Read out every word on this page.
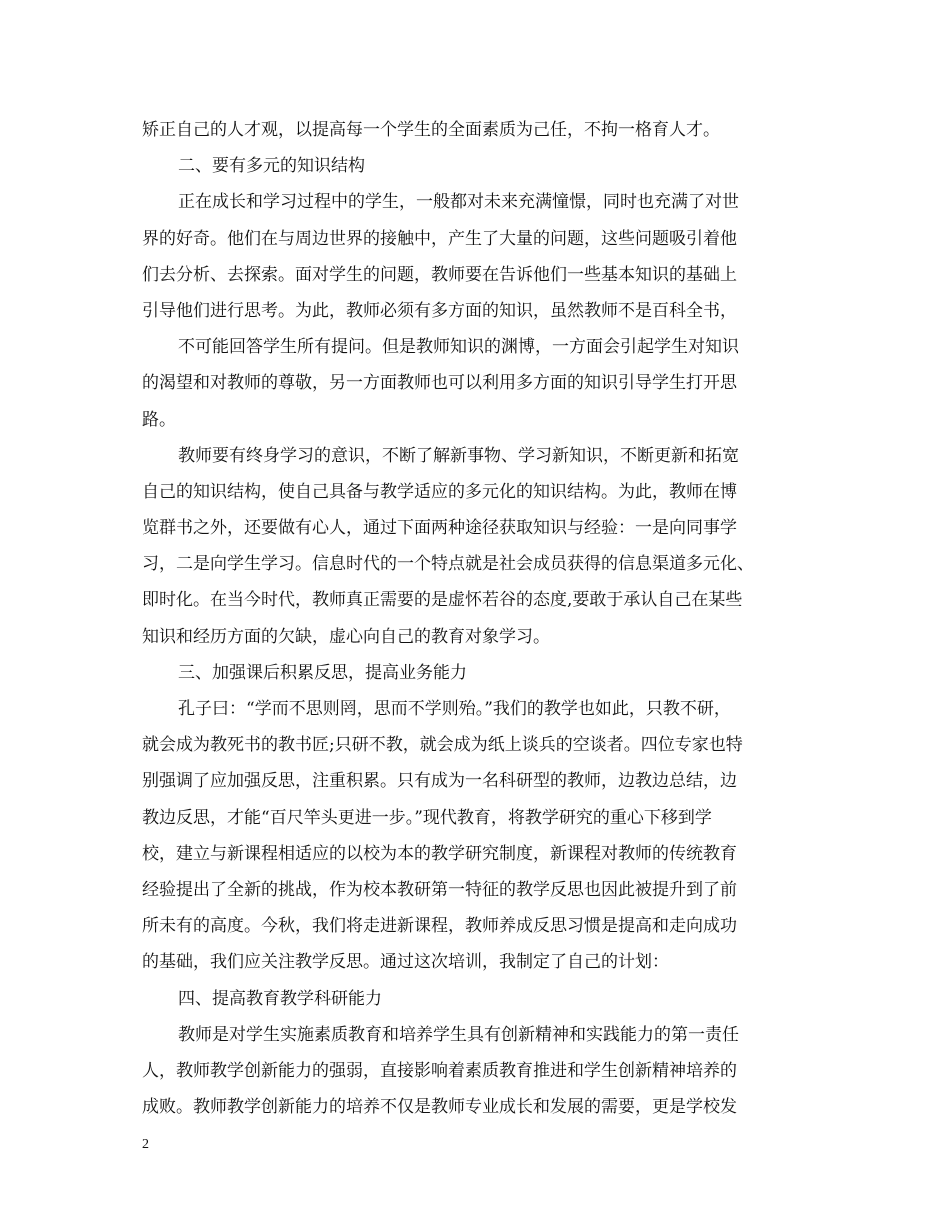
矫正自己的人才观，以提高每一个学生的全面素质为己任，不拘一格育人才。
二、要有多元的知识结构
正在成长和学习过程中的学生，一般都对未来充满憧憬，同时也充满了对世
界的好奇。他们在与周边世界的接触中，产生了大量的问题，这些问题吸引着他
们去分析、去探索。面对学生的问题，教师要在告诉他们一些基本知识的基础上
引导他们进行思考。为此，教师必须有多方面的知识，虽然教师不是百科全书，
不可能回答学生所有提问。但是教师知识的渊博，一方面会引起学生对知识
的渴望和对教师的尊敬，另一方面教师也可以利用多方面的知识引导学生打开思
路。
教师要有终身学习的意识，不断了解新事物、学习新知识，不断更新和拓宽
自己的知识结构，使自己具备与教学适应的多元化的知识结构。为此，教师在博
览群书之外，还要做有心人，通过下面两种途径获取知识与经验：一是向同事学
习，二是向学生学习。信息时代的一个特点就是社会成员获得的信息渠道多元化、
即时化。在当今时代，教师真正需要的是虚怀若谷的态度,要敢于承认自己在某些
知识和经历方面的欠缺，虚心向自己的教育对象学习。
三、加强课后积累反思，提高业务能力
孔子曰：“学而不思则罔，思而不学则殆。”我们的教学也如此，只教不研，
就会成为教死书的教书匠;只研不教，就会成为纸上谈兵的空谈者。四位专家也特
别强调了应加强反思，注重积累。只有成为一名科研型的教师，边教边总结，边
教边反思，才能“百尺竿头更进一步。”现代教育，将教学研究的重心下移到学
校，建立与新课程相适应的以校为本的教学研究制度，新课程对教师的传统教育
经验提出了全新的挑战，作为校本教研第一特征的教学反思也因此被提升到了前
所未有的高度。今秋，我们将走进新课程，教师养成反思习惯是提高和走向成功
的基础，我们应关注教学反思。通过这次培训，我制定了自己的计划：
四、提高教育教学科研能力
教师是对学生实施素质教育和培养学生具有创新精神和实践能力的第一责任
人，教师教学创新能力的强弱，直接影响着素质教育推进和学生创新精神培养的
成败。教师教学创新能力的培养不仅是教师专业成长和发展的需要，更是学校发
2
